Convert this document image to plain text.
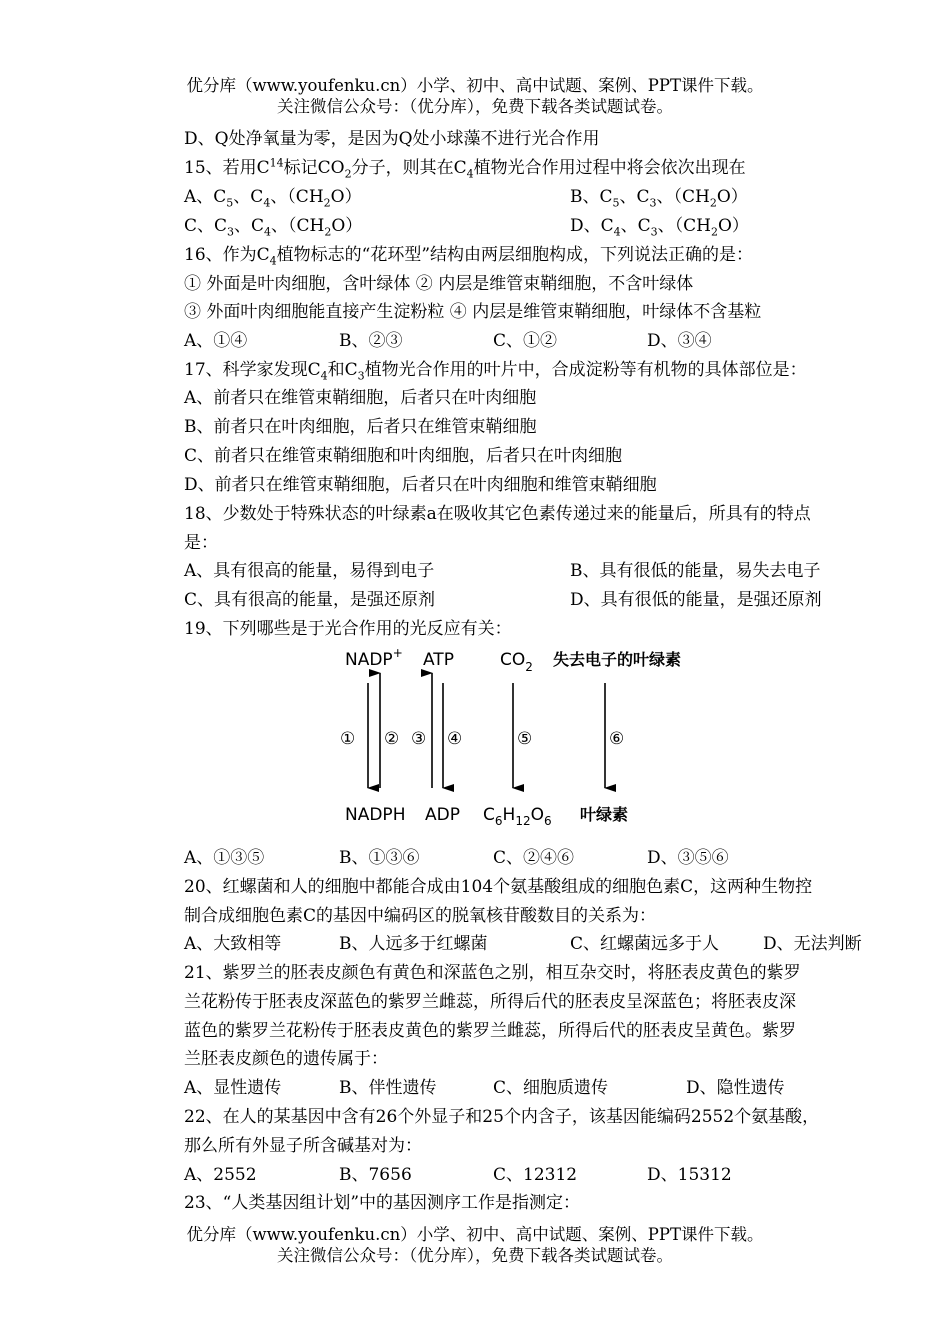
优分库（www.youfenku.cn）小学、初中、高中试题、案例、PPT课件下载。
关注微信公众号：（优分库），免费下载各类试题试卷。
D、Q处净氧量为零，是因为Q处小球藻不进行光合作用
15、若用$C^{14}$标记$CO_2$分子，则其在$C_4$植物光合作用过程中将会依次出现在
A、$C_5$、$C_4$、$(CH_2O)$	B、$C_5$、$C_3$、$(CH_2O)$
C、$C_3$、$C_4$、$(CH_2O)$	D、$C_4$、$C_3$、$(CH_2O)$
16、作为$C_4$植物标志的“花环型”结构由两层细胞构成，下列说法正确的是：
① 外面是叶肉细胞，含叶绿体 ② 内层是维管束鞘细胞，不含叶绿体
③ 外面叶肉细胞能直接产生淀粉粒 ④ 内层是维管束鞘细胞，叶绿体不含基粒
A、①④	B、②③	C、①②	D、③④
17、科学家发现$C_4$和$C_3$植物光合作用的叶片中，合成淀粉等有机物的具体部位是：
A、前者只在维管束鞘细胞，后者只在叶肉细胞
B、前者只在叶肉细胞，后者只在维管束鞘细胞
C、前者只在维管束鞘细胞和叶肉细胞，后者只在叶肉细胞
D、前者只在维管束鞘细胞，后者只在叶肉细胞和维管束鞘细胞
18、少数处于特殊状态的叶绿素a在吸收其它色素传递过来的能量后，所具有的特点
是：
A、具有很高的能量，易得到电子	B、具有很低的能量，易失去电子
C、具有很高的能量，是强还原剂	D、具有很低的能量，是强还原剂
19、下列哪些是于光合作用的光反应有关：
NADP+ ATP	$CO_2$ 失去电子的叶绿素
① ② ③ ④	⑤	⑥
NADPH ADP $C_6H_{12}O_6$ 叶绿素
A、①③⑤	B、①③⑥	C、②④⑥	D、③⑤⑥
20、红螺菌和人的细胞中都能合成由104个氨基酸组成的细胞色素C，这两种生物控
制合成细胞色素C的基因中编码区的脱氧核苷酸数目的关系为：
A、大致相等	B、人远多于红螺菌	C、红螺菌远多于人	D、无法判断
21、紫罗兰的胚表皮颜色有黄色和深蓝色之别，相互杂交时，将胚表皮黄色的紫罗
兰花粉传于胚表皮深蓝色的紫罗兰雌蕊，所得后代的胚表皮呈深蓝色；将胚表皮深
蓝色的紫罗兰花粉传于胚表皮黄色的紫罗兰雌蕊，所得后代的胚表皮呈黄色。紫罗
兰胚表皮颜色的遗传属于：
A、显性遗传	B、伴性遗传	C、细胞质遗传	D、隐性遗传
22、在人的某基因中含有26个外显子和25个内含子，该基因能编码2552个氨基酸，
那么所有外显子所含碱基对为：
A、2552	B、7656	C、12312	D、15312
23、“人类基因组计划”中的基因测序工作是指测定：
优分库（www.youfenku.cn）小学、初中、高中试题、案例、PPT课件下载。
关注微信公众号：（优分库），免费下载各类试题试卷。
